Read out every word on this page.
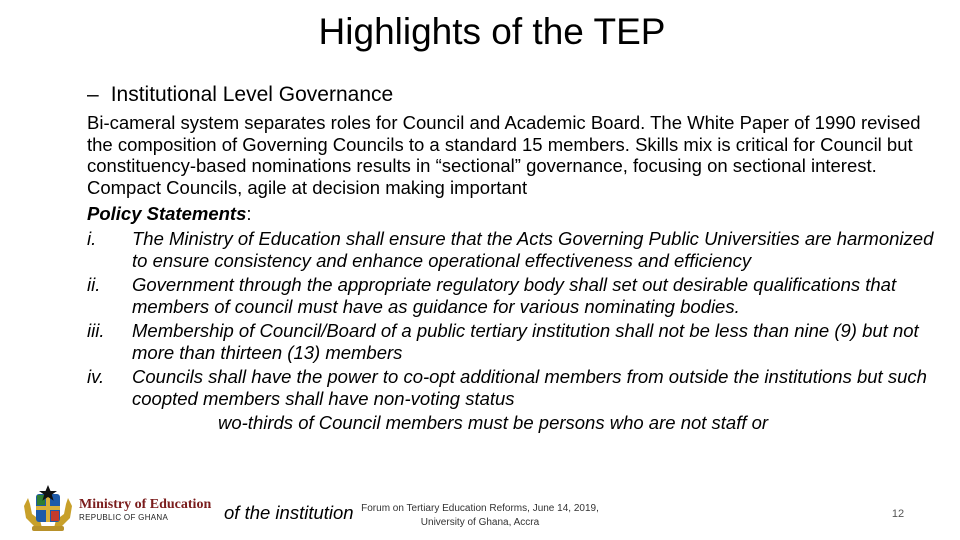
Highlights of the TEP
– Institutional Level Governance

Bi-cameral system separates roles for Council and Academic Board. The White Paper of 1990 revised the composition of Governing Councils to a standard 15 members. Skills mix is critical for Council but constituency-based nominations results in “sectional” governance, focusing on sectional interest. Compact Councils, agile at decision making important

Policy Statements:

i. The Ministry of Education shall ensure that the Acts Governing Public Universities are harmonized to ensure consistency and enhance operational effectiveness and efficiency
ii. Government through the appropriate regulatory body shall set out desirable qualifications that members of council must have as guidance for various nominating bodies.
iii. Membership of Council/Board of a public tertiary institution shall not be less than nine (9) but not more than thirteen (13) members
iv. Councils shall have the power to co-opt additional members from outside the institutions but such coopted members shall have non-voting status
wo-thirds of Council members must be persons who are not staff or
of the institution
Ministry of Education
REPUBLIC OF GHANA
Forum on Tertiary Education Reforms, June 14, 2019,
University of Ghana, Accra
12
